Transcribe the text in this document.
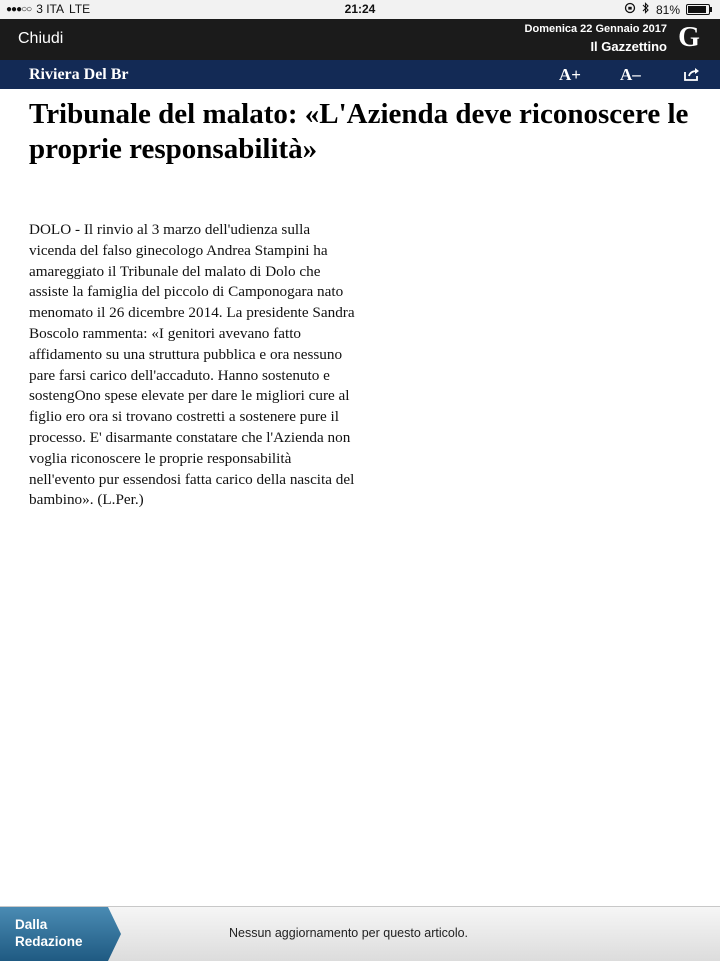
●●●○○ 3 ITA LTE	21:24	81%
Chiudi
Domenica 22 Gennaio 2017
Il Gazzettino G
Riviera Del Br	A+ A–
Tribunale del malato: «L'Azienda deve riconoscere le proprie responsabilità»

DOLO - Il rinvio al 3 marzo dell'udienza sulla vicenda del falso ginecologo Andrea Stampini ha amareggiato il Tribunale del malato di Dolo che assiste la famiglia del piccolo di Camponogara nato menomato il 26 dicembre 2014. La presidente Sandra Boscolo rammenta: «I genitori avevano fatto affidamento su una struttura pubblica e ora nessuno pare farsi carico dell'accaduto. Hanno sostenuto e sostengOno spese elevate per dare le migliori cure al figlio ero ora si trovano costretti a sostenere pure il processo. E' disarmante constatare che l'Azienda non voglia riconoscere le proprie responsabilità nell'evento pur essendosi fatta carico della nascita del bambino». (L.Per.)

Dalla
Redazione
Nessun aggiornamento per questo articolo.
